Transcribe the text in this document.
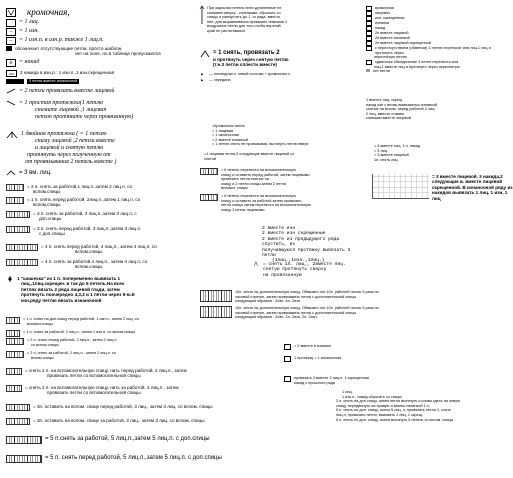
кромочная,
= 1 лиц.
–	= 1 изн.
–	= 1 изн.п. в изн.р. также 1 лиц.п.
обозначает отсутствующие петли, просто шаблон,
нет на поле, но в таблице пропускаются
o	= накид
oo	2 накида в изн.р.: 1 изн.п.,1 изн.скрещенная
3 петли вместе изнаночной
= 2 петли провязать вместе лицевой
= 1 простая протяжка(1 петлю
снимите лицевой ,1 лицевая
петлю протяните через провязанную)
1 двойная протяжка ( = 1 петлю
сниму лицевой ,2 петли вместе
и лицевой и снятую петлю
протянуть через полученную от
от провязывания 2 петель вместе )
= 3 вм. лиц.
= 2 п. снять за работой,1 лиц.п.,затем 2 лиц.п. со
вспом.спицы
= 1 п. снять перед работой, 2лиц.п.,затем 1 лиц.п. со
вспом.спицы
= 3 п. снять за работой, 3 лиц.п.,затем 3 лиц.п. с
доп.спицы
= 3 п. снять перед работой, 3 лиц.п.,затем 3 лиц.п.
с доп.спицы
= 4 п. снять перед работой, 4 лиц.п., затем 4 лиц.п. со
вспом.спицы
= 4 п. снять за работой,4 лиц.п., затем 4 лиц.п. со
вспом.спицы
1 "шишечка" из 1 п. попеременно вывязать 1
лиц.,1лиц.скрещен. и так до 5 петель.На всех
петлях вязать 2 ряда лицевой глади, затем
протянуть поочередно 4,3,2 и 1 петли через 5-ю.Е
изн.ряду петлю вязать изнаночной
= 1 п. снять на доп.спицу перед работой, 1 изн.п., затем 2 лиц. со
вспомог.спицы
= 1 п. снять за работой, 2 лиц.п., затем 1 изн.п. со вспом.спицы
= 2 п. снять перед работой, 2 лиц.п., затем 2 лиц.п.
со вспом.спицы
= 2 п. снять за работой, 2 лиц.п., затем 2 лиц.п. со
вспом.спицы
= снять 2 п. на вспомогательную спицу, нить перед работой, 2 лиц.п., затем
провязать петли со вспомогательной спицы
= снять 2 п. на вспомогательную спицу, нить за работой, 2 лиц.п., затем
провязать петли со вспомогательной спицы
= 3п. оставить на вспом. спице перед работой, 3 лиц., затем 3 лиц. со вспом. спицы
= 3п. оставить на вспом. спице за работой, 3 лиц., затем 3 лиц. со вспом. спицы
= 5 п.снять за работой, 5 лиц.п.,затем 5 лиц.п. с доп.спицы
= 5 п. снять перед работой, 5 лиц.п.,затем 5 лиц.п. с доп.спицы
При закрытии петель нити удлиненные не
снимаем сверху - стрелками, сбросить со
спицы и распустить до 1 -го ряда, вместо
нее, для выравнивания провязать нижними 2
воздушных петли для того,чтобы верхний
край не растягивался
= 1 снять, провязать 2
и протянуть через снятую петлю
(т.е.3 петли сплести вместе)
▲	— последняя п. левой полочки + кромочная п.
▲	— середина
=Кромочная петля
= 1 лицевая
= 1 изнаночная
= 2 вместе изнанкой
= 1 петлю снять не провязывая, вытянуть петлю вверх
=1 лицевая петля,2 следующие вместе лицевой со
снятой
= 6 петель перенести на вспомогательную
спицу и оставить перед работой, затем лицевыми
провязать петли снятые на
спицу и 2 петли спицы,затем 2 петли
вспомог. спицы
= 6 петель перенести на вспомогательную
спицу и оставить за работой,затем провязать
петли спицы,затем перенести на вспомогательную
спицу 3 петли лицевыми
2 вместе изн
2 вместе изн скрещенные
2 вместе из предыдущего ряда спустить, их
получившуюся протяжку вывязать 3 петли
(1лиц.,1изн.,1лиц.)
⋀	= снять 1п. лиц., 2вместе лиц.
снятую протянуть сверху
на провязанную
10п. снять на дополнительную спицу. Обвязать эти 10п. рабочей нитью 3 раза по
часовой стрелке, затем провязывать петли с дополнительной спицы
следующим образом - 2изн, 6л, 2изн.
10п. снять на дополнительную спицу. Обвязать эти 10п. рабочей нитью 3 раза по
часовой стрелке, затем провязывать петли с дополнительной спицы
следующим образом - 2изн, 2л, 2изн, 2л, 2изн.
= 2 вместе в изнанке
1 протяжку = 1 изнаночная
провязать 2 вместе 2 лиц.п. 1 скрещенная
накид с прошлого ряда
кромочная
лицевая
изн. скрещенная
изнанка
накид
2п вместе лицевой
2п вместе изнанкой
2п вместе лицевой скрещенной
с переотсутствием (обменом) 1 петлю переносят или лиц.1 лиц и протянуть через
переснятую петлю
сдвиганье обьединение 3 петли перенести или
лиц.1 вместе лиц и протянуть через переснятую
нет петли
1 вместе лиц. скрещ
накид изн с вновь вывязанных изнанкой
снятые на вспом. перед работой 2 лиц.
2 лиц. вместе ставим
снимаем вместе лицевой
= 3 вместе лиц. 1 п. накид
= 3 лиц.
= 3 вместе лицевой
1п. снять лиц.
= 3 вместе лицевой. 3 накида,2
следующие в. вместе лицевой
скрещенной. В изнаночной ряду из
накидов вывязать 1 лиц, 1 изн, 1
лиц
1 лиц.
1 изн.п., накид сбросить со спицы
2 п. снять на доп.спицу, затем петли вытянуть и снова здесь на левую
спицу, передвинуть на правую и вязать изнанкой 1 п.
5 п. снять на доп. спицу, затем 5 лиц. п, провязать петли 1, снять
лиц.п, провязать петли, вывязать 1 лиц, 1 скрещ.
5 п. снять по доп. спицу, затем вытянуть 5 петель со вспом. спицы
